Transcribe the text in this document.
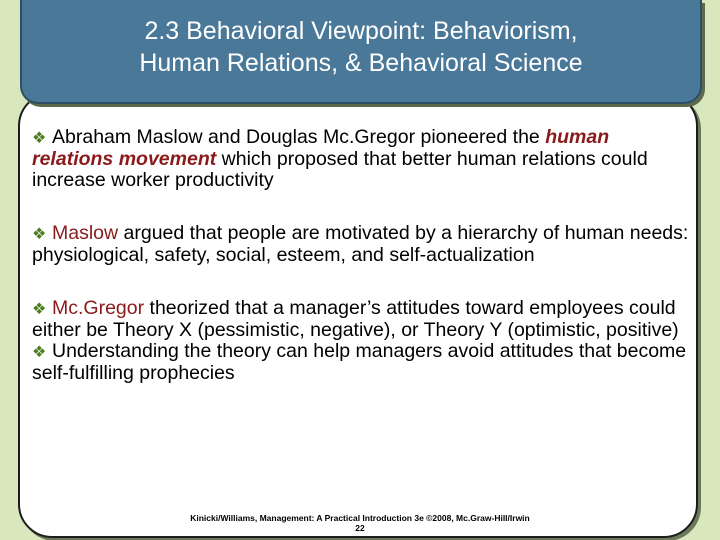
2.3 Behavioral Viewpoint: Behaviorism,
Human Relations, & Behavioral Science

❖ Abraham Maslow and Douglas Mc.Gregor pioneered the human relations movement which proposed that better human relations could increase worker productivity

❖ Maslow argued that people are motivated by a hierarchy of human needs: physiological, safety, social, esteem, and self-actualization

❖ Mc.Gregor theorized that a manager’s attitudes toward employees could either be Theory X (pessimistic, negative), or Theory Y (optimistic, positive)

❖ Understanding the theory can help managers avoid attitudes that become self-fulfilling prophecies

Kinicki/Williams, Management: A Practical Introduction 3e ©2008, Mc.Graw-Hill/Irwin
22
